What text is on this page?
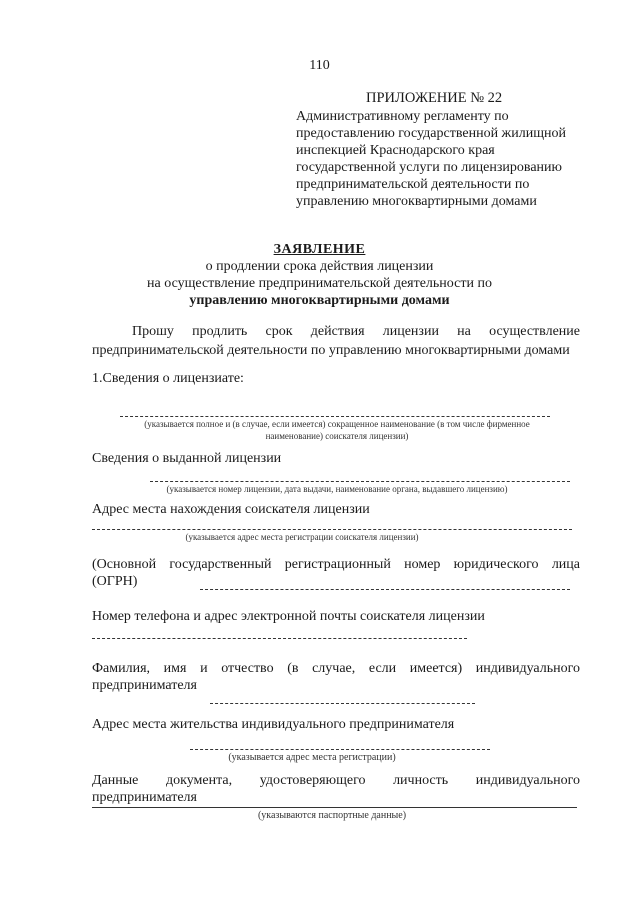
110
ПРИЛОЖЕНИЕ № 22
Административному регламенту по
предоставлению государственной жилищной
инспекцией Краснодарского края
государственной услуги по лицензированию
предпринимательской деятельности по
управлению многоквартирными домами
ЗАЯВЛЕНИЕ
о продлении срока действия лицензии
на осуществление предпринимательской деятельности по
управлению многоквартирными домами
Прошу продлить срок действия лицензии на осуществление
предпринимательской деятельности по управлению многоквартирными домами
1.Сведения о лицензиате:
(указывается полное и (в случае, если имеется) сокращенное наименование (в том числе фирменное
наименование) соискателя лицензии)
Сведения о выданной лицензии
(указывается номер лицензии, дата выдачи, наименование органа, выдавшего лицензию)
Адрес места нахождения соискателя лицензии
(указывается адрес места регистрации соискателя лицензии)
(Основной государственный регистрационный номер юридического лица
(ОГРН)
Номер телефона и адрес электронной почты соискателя лицензии
Фамилия, имя и отчество (в случае, если имеется) индивидуального
предпринимателя
Адрес места жительства индивидуального предпринимателя
(указывается адрес места регистрации)
Данные документа, удостоверяющего личность индивидуального
предпринимателя
(указываются паспортные данные)
